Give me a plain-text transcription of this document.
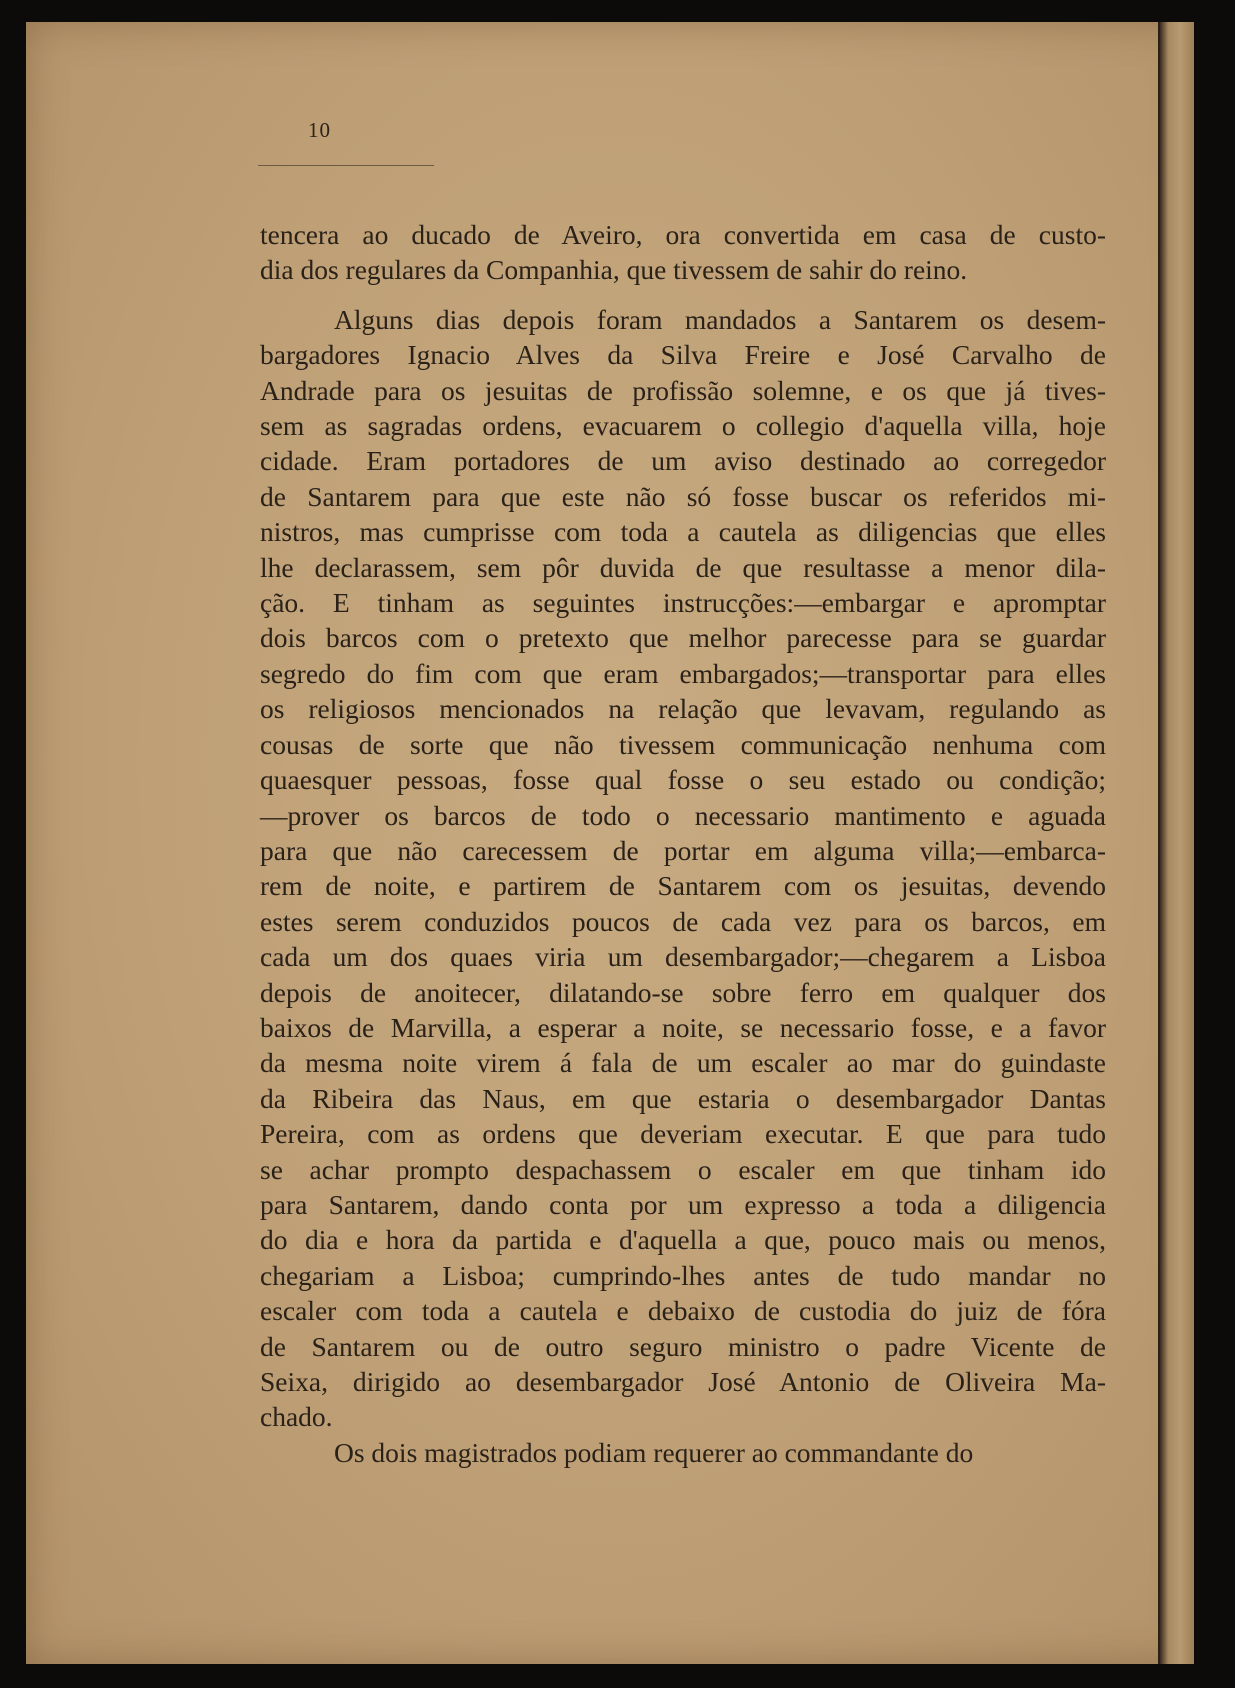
10

tencera ao ducado de Aveiro, ora convertida em casa de custo-
dia dos regulares da Companhia, que tivessem de sahir do reino.

Alguns dias depois foram mandados a Santarem os desem-
bargadores Ignacio Alves da Silva Freire e José Carvalho de
Andrade para os jesuitas de profissão solemne, e os que já tives-
sem as sagradas ordens, evacuarem o collegio d'aquella villa, hoje
cidade. Eram portadores de um aviso destinado ao corregedor
de Santarem para que este não só fosse buscar os referidos mi-
nistros, mas cumprisse com toda a cautela as diligencias que elles
lhe declarassem, sem pôr duvida de que resultasse a menor dila-
ção. E tinham as seguintes instrucções:—embargar e apromptar
dois barcos com o pretexto que melhor parecesse para se guardar
segredo do fim com que eram embargados;—transportar para elles
os religiosos mencionados na relação que levavam, regulando as
cousas de sorte que não tivessem communicação nenhuma com
quaesquer pessoas, fosse qual fosse o seu estado ou condição;
—prover os barcos de todo o necessario mantimento e aguada
para que não carecessem de portar em alguma villa;—embarca-
rem de noite, e partirem de Santarem com os jesuitas, devendo
estes serem conduzidos poucos de cada vez para os barcos, em
cada um dos quaes viria um desembargador;—chegarem a Lisboa
depois de anoitecer, dilatando-se sobre ferro em qualquer dos
baixos de Marvilla, a esperar a noite, se necessario fosse, e a favor
da mesma noite virem á fala de um escaler ao mar do guindaste
da Ribeira das Naus, em que estaria o desembargador Dantas
Pereira, com as ordens que deveriam executar. E que para tudo
se achar prompto despachassem o escaler em que tinham ido
para Santarem, dando conta por um expresso a toda a diligencia
do dia e hora da partida e d'aquella a que, pouco mais ou menos,
chegariam a Lisboa; cumprindo-lhes antes de tudo mandar no
escaler com toda a cautela e debaixo de custodia do juiz de fóra
de Santarem ou de outro seguro ministro o padre Vicente de
Seixa, dirigido ao desembargador José Antonio de Oliveira Ma-
chado.

Os dois magistrados podiam requerer ao commandante do
